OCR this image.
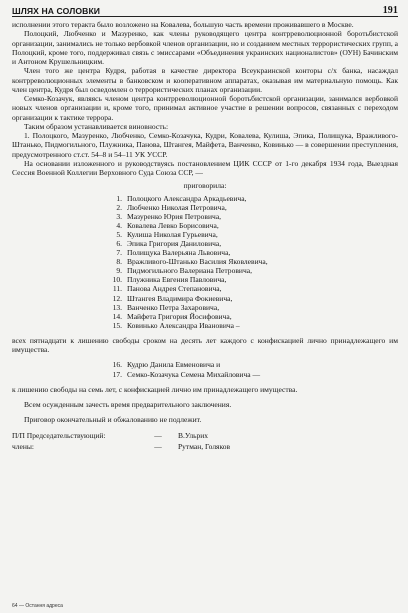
ШЛЯХ НА СОЛОВКИ	191

исполнении этого теракта было возложено на Ковалева, большую часть времени проживавшего в Москве.

Полоцкий, Любченко и Мазуренко, как члены руководящего центра контрреволюционной боротьбистской организации, занимались не только вербовкой членов организации, но и созданием местных террористических групп, а Полоцкий, кроме того, поддерживал связь с эмиссарами «Объединения украинских националистов» (ОУН) Бачинским и Антоном Крушельницким.

Член того же центра Кудря, работая в качестве директора Всеукраинской конторы с/х банка, насаждал контрреволюционных элементы в банковском и кооперативном аппаратах, оказывая им материальную помощь. Как член центра, Кудря был осведомлен о террористических планах организации.

Семко-Козачук, являясь членом центра контрреволюционной боротьбистской организации, занимался вербовкой новых членов организации и, кроме того, принимал активное участие в решении вопросов, связанных с переходом организации к тактике террора.

Таким образом устанавливается виновность:

1. Полоцкого, Мазуренко, Любченко, Семко-Козачука, Кудри, Ковалева, Кулиша, Эпика, Полищука, Вражливого-Штанько, Пидмогильного, Плужника, Панова, Штангея, Майфета, Ванченко, Ковинько — в совершении преступления, предусмотренного ст.ст. 54–8 и 54–11 УК УССР.

На основании изложенного и руководствуясь постановлением ЦИК СССР от 1-го декабря 1934 года, Выездная Сессия Военной Коллегии Верховного Суда Союза ССР, —

приговорила:

1. Полоцкого Александра Аркадьевича,
2. Любченко Николая Петровича,
3. Мазуренко Юрия Петровича,
4. Ковалева Левко Борисовича,
5. Кулиша Николая Гурьевича,
6. Эпика Григория Даниловича,
7. Полищука Валерьяна Львовича,
8. Вражливого-Штанько Василия Яковлевича,
9. Пидмогильного Валериана Петровича,
10. Плужника Евгения Павловича,
11. Панова Андрея Степановича,
12. Штангея Владимира Фокиевича,
13. Ванченко Петра Захаровича,
14. Майфета Григория Йосифовича,
15. Ковинько Александра Ивановича –

всех пятнадцати к лишению свободы сроком на десять лет каждого с конфискацией лично принадлежащего им имущества.

16. Кудрю Данила Евменовича и
17. Семко-Козачука Семена Михайловича —

к лишению свободы на семь лет, с конфискацией лично им принадлежащего имущества.

Всем осужденным зачесть время предварительного заключения.

Приговор окончательный и обжалованию не подлежит.

П/П Председательствующий:	—	В.Ульрих
члены:	—	Рутман, Голяков
64 — Остання адреса
